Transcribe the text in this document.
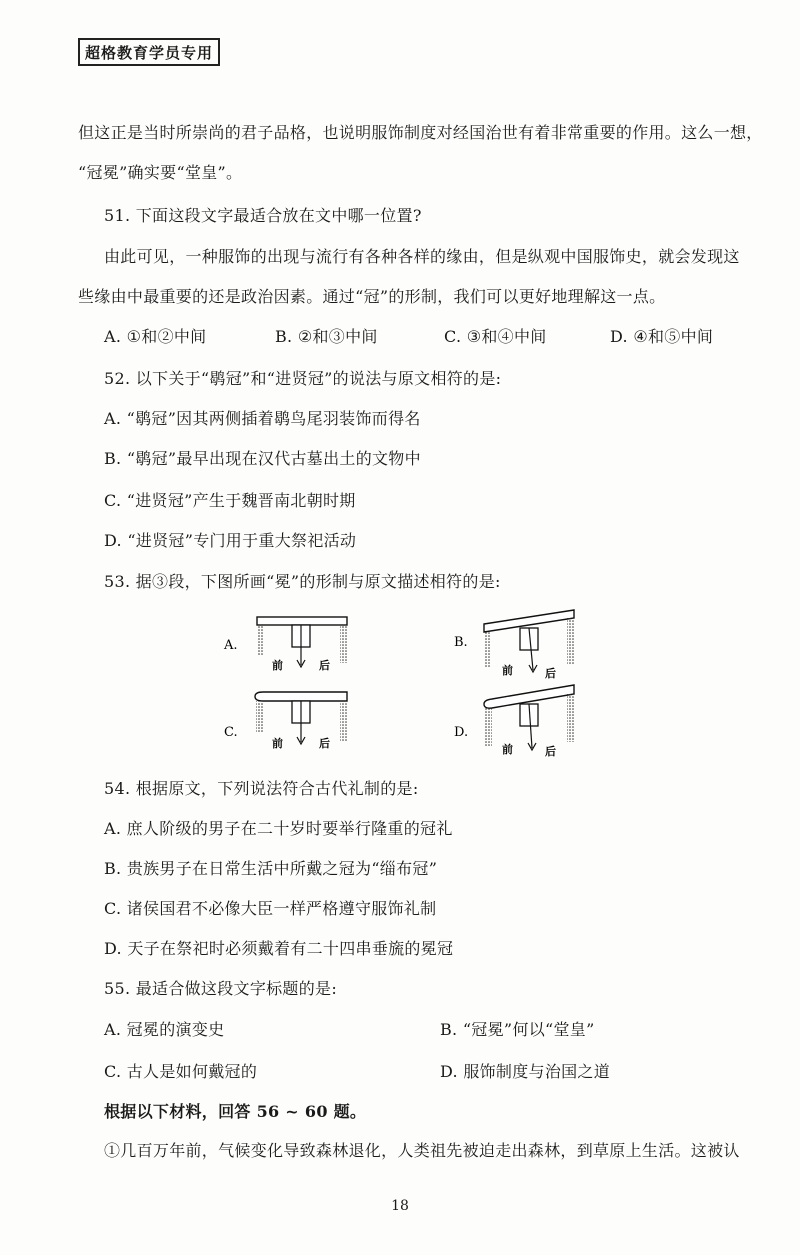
超格教育学员专用
但这正是当时所崇尚的君子品格，也说明服饰制度对经国治世有着非常重要的作用。这么一想，
“冠冕”确实要“堂皇”。
51. 下面这段文字最适合放在文中哪一位置?
由此可见，一种服饰的出现与流行有各种各样的缘由，但是纵观中国服饰史，就会发现这
些缘由中最重要的还是政治因素。通过“冠”的形制，我们可以更好地理解这一点。
A. ①和②中间	B. ②和③中间	C. ③和④中间	D. ④和⑤中间
52. 以下关于“鹖冠”和“进贤冠”的说法与原文相符的是:
A. “鹖冠”因其两侧插着鹖鸟尾羽装饰而得名
B. “鹖冠”最早出现在汉代古墓出土的文物中
C. “进贤冠”产生于魏晋南北朝时期
D. “进贤冠”专门用于重大祭祀活动
53. 据③段，下图所画“冕”的形制与原文描述相符的是:
A.
前	后
B.
前	后
C.
前	后
D.
前	后
54. 根据原文，下列说法符合古代礼制的是:
A. 庶人阶级的男子在二十岁时要举行隆重的冠礼
B. 贵族男子在日常生活中所戴之冠为“缁布冠”
C. 诸侯国君不必像大臣一样严格遵守服饰礼制
D. 天子在祭祀时必须戴着有二十四串垂旒的冕冠
55. 最适合做这段文字标题的是:
A. 冠冕的演变史	B. “冠冕”何以“堂皇”
C. 古人是如何戴冠的	D. 服饰制度与治国之道
根据以下材料，回答 56 ~ 60 题。
①几百万年前，气候变化导致森林退化，人类祖先被迫走出森林，到草原上生活。这被认
18
